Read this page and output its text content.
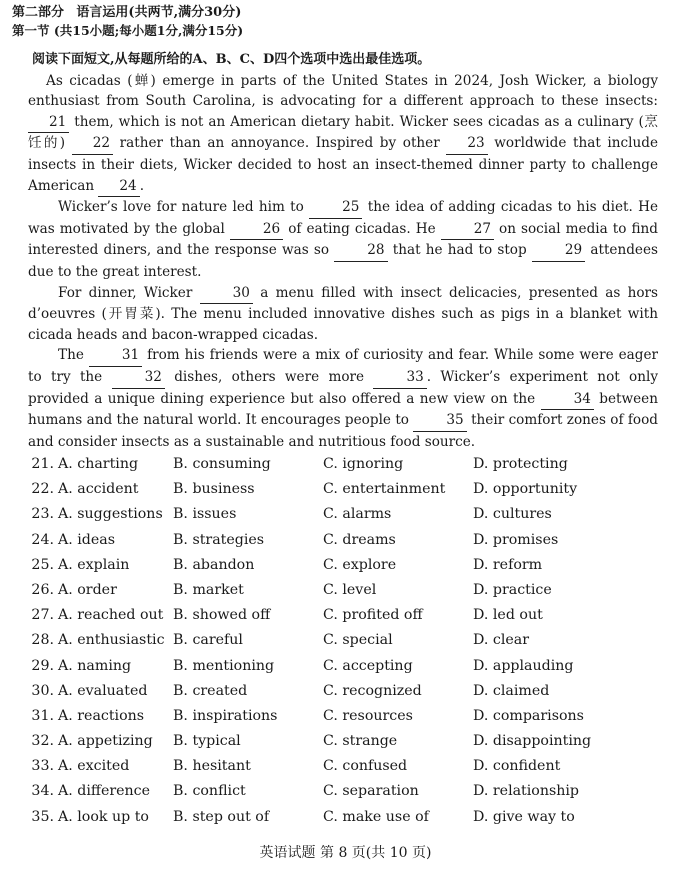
第二部分 语言运用(共两节,满分30分)
第一节 (共15小题;每小题1分,满分15分)

阅读下面短文,从每题所给的A、B、C、D四个选项中选出最佳选项。

As cicadas (蝉) emerge in parts of the United States in 2024, Josh Wicker, a biology enthusiast from South Carolina, is advocating for a different approach to these insects: 21 them, which is not an American dietary habit. Wicker sees cicadas as a culinary (烹饪的) 22 rather than an annoyance. Inspired by other 23 worldwide that include insects in their diets, Wicker decided to host an insect-themed dinner party to challenge American 24 .

Wicker’s love for nature led him to	25 the idea of adding cicadas to his diet. He was motivated by the global	26 of eating cicadas. He	27 on social media to find interested diners, and the response was so	28 that he had to stop	29 attendees due to the great interest.

For dinner, Wicker	30 a menu filled with insect delicacies, presented as hors d’oeuvres (开胃菜). The menu included innovative dishes such as pigs in a blanket with cicada heads and bacon-wrapped cicadas.

The	31 from his friends were a mix of curiosity and fear. While some were eager to try the	32 dishes, others were more	33 . Wicker’s experiment not only provided a unique dining experience but also offered a new view on the	34 between humans and the natural world. It encourages people to	35 their comfort zones of food and consider insects as a sustainable and nutritious food source.

21. A. charting	B. consuming	C. ignoring	D. protecting
22. A. accident	B. business	C. entertainment	D. opportunity
23. A. suggestions B. issues	C. alarms	D. cultures
24. A. ideas	B. strategies	C. dreams	D. promises
25. A. explain	B. abandon	C. explore	D. reform
26. A. order	B. market	C. level	D. practice
27. A. reached out B. showed off	C. profited off	D. led out
28. A. enthusiastic B. careful	C. special	D. clear
29. A. naming	B. mentioning	C. accepting	D. applauding
30. A. evaluated	B. created	C. recognized	D. claimed
31. A. reactions	B. inspirations	C. resources	D. comparisons
32. A. appetizing	B. typical	C. strange	D. disappointing
33. A. excited	B. hesitant	C. confused	D. confident
34. A. difference	B. conflict	C. separation	D. relationship
35. A. look up to	B. step out of	C. make use of	D. give way to
英语试题 第 8 页(共 10 页)
